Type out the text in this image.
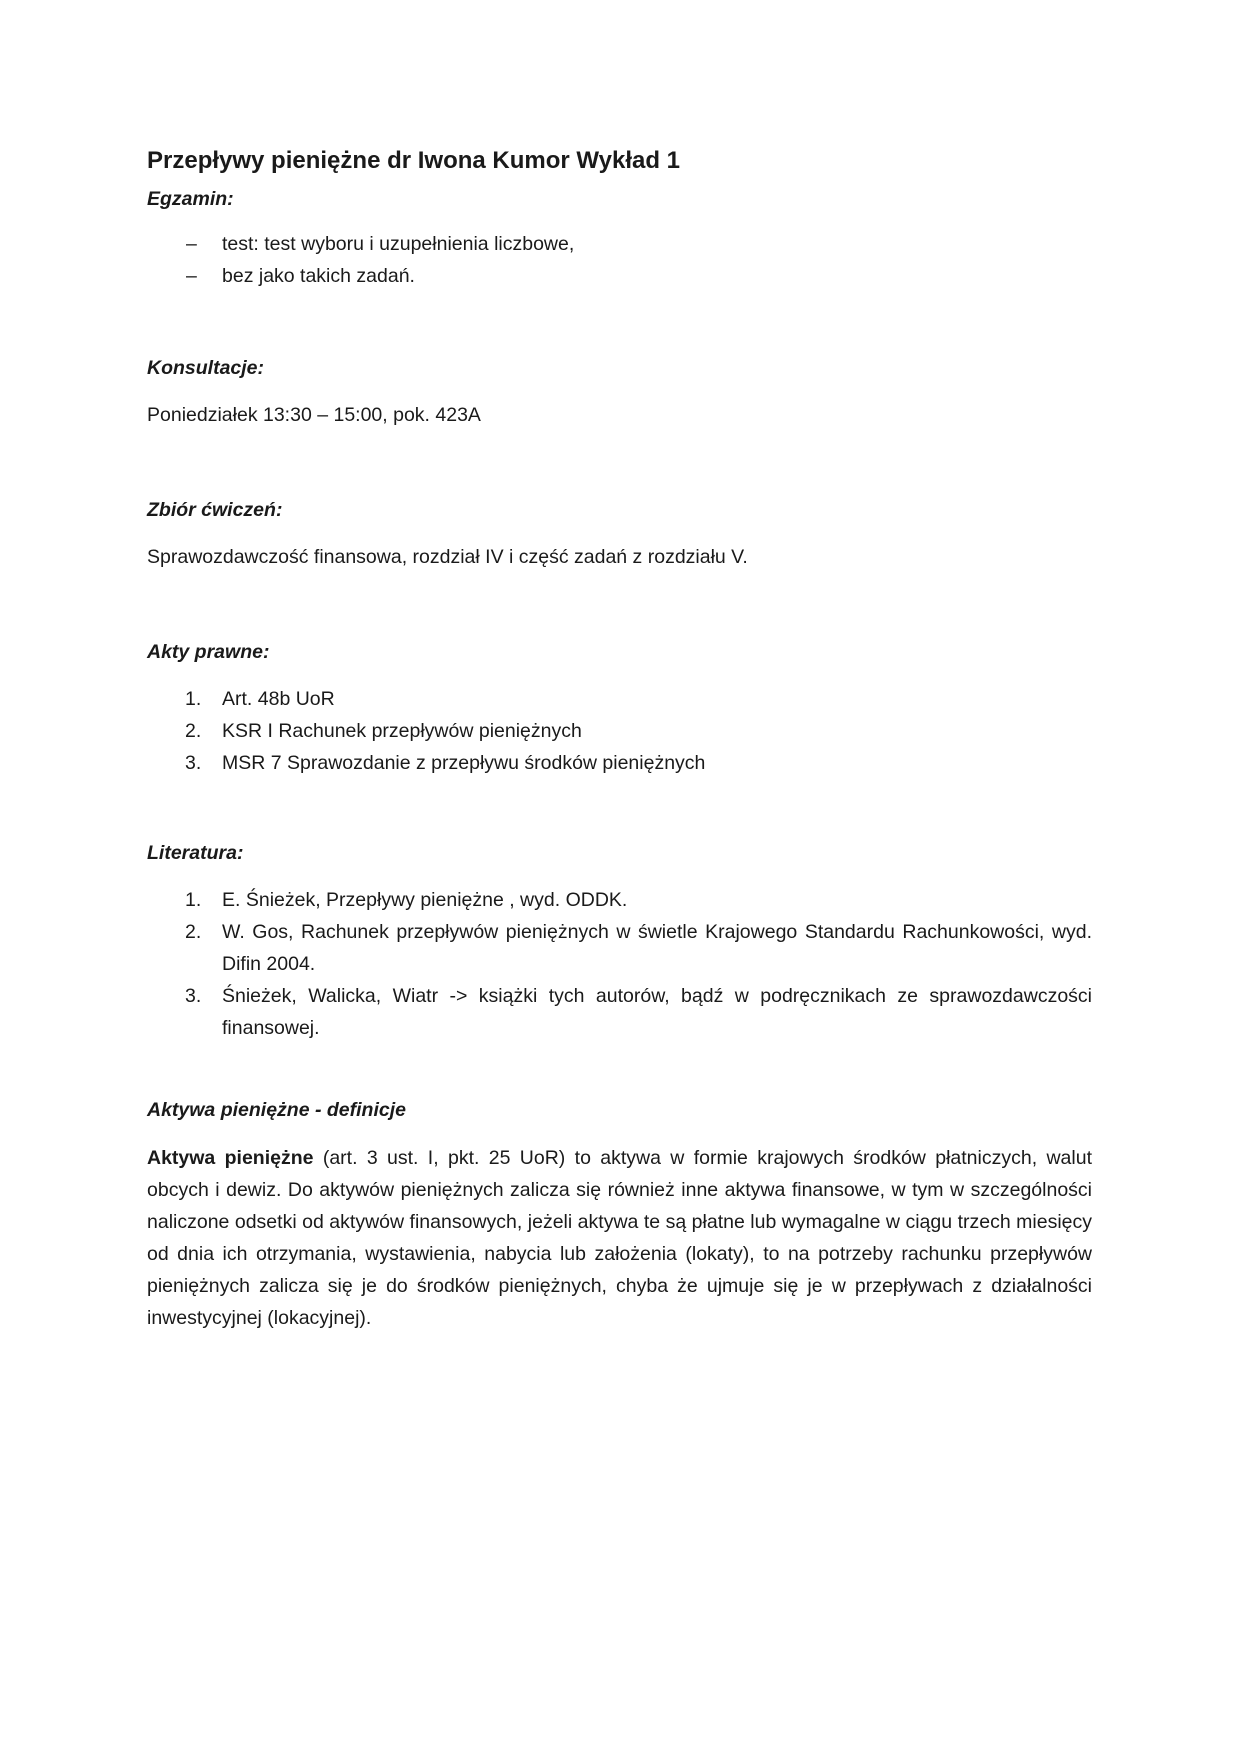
Przepływy pieniężne dr Iwona Kumor Wykład 1
Egzamin:
– test: test wyboru i uzupełnienia liczbowe,
– bez jako takich zadań.
Konsultacje:
Poniedziałek 13:30 – 15:00, pok. 423A
Zbiór ćwiczeń:
Sprawozdawczość finansowa, rozdział IV i część zadań z rozdziału V.
Akty prawne:
1. Art. 48b UoR
2. KSR I Rachunek przepływów pieniężnych
3. MSR 7 Sprawozdanie z przepływu środków pieniężnych
Literatura:
1. E. Śnieżek, Przepływy pieniężne , wyd. ODDK.
2. W. Gos, Rachunek przepływów pieniężnych w świetle Krajowego Standardu Rachunkowości, wyd. Difin 2004.
3. Śnieżek, Walicka, Wiatr -> książki tych autorów, bądź w podręcznikach ze sprawozdawczości finansowej.
Aktywa pieniężne - definicje
Aktywa pieniężne (art. 3 ust. I, pkt. 25 UoR) to aktywa w formie krajowych środków płatniczych, walut obcych i dewiz. Do aktywów pieniężnych zalicza się również inne aktywa finansowe, w tym w szczególności naliczone odsetki od aktywów finansowych, jeżeli aktywa te są płatne lub wymagalne w ciągu trzech miesięcy od dnia ich otrzymania, wystawienia, nabycia lub założenia (lokaty), to na potrzeby rachunku przepływów pieniężnych zalicza się je do środków pieniężnych, chyba że ujmuje się je w przepływach z działalności inwestycyjnej (lokacyjnej).
